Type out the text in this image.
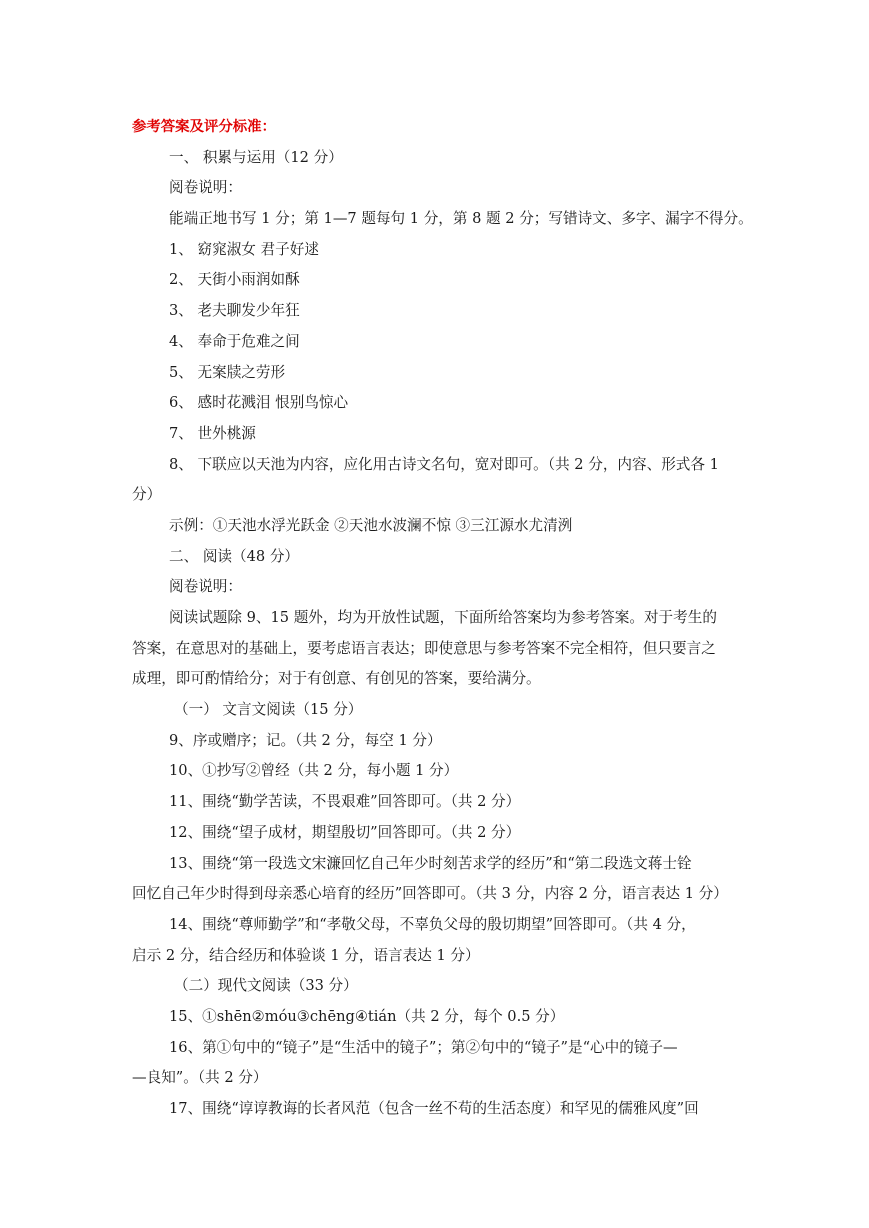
参考答案及评分标准：
一、 积累与运用（12 分）
阅卷说明：
能端正地书写 1 分；第 1—7 题每句 1 分，第 8 题 2 分；写错诗文、多字、漏字不得分。
1、 窈窕淑女 君子好逑
2、 天街小雨润如酥
3、 老夫聊发少年狂
4、 奉命于危难之间
5、 无案牍之劳形
6、 感时花溅泪 恨别鸟惊心
7、 世外桃源
8、 下联应以天池为内容，应化用古诗文名句，宽对即可。（共 2 分，内容、形式各 1
分）
示例：①天池水浮光跃金 ②天池水波澜不惊 ③三江源水尤清洌
二、 阅读（48 分）
阅卷说明：
阅读试题除 9、15 题外，均为开放性试题，下面所给答案均为参考答案。对于考生的
答案，在意思对的基础上，要考虑语言表达；即使意思与参考答案不完全相符，但只要言之
成理，即可酌情给分；对于有创意、有创见的答案，要给满分。
（一） 文言文阅读（15 分）
9、序或赠序；记。（共 2 分，每空 1 分）
10、①抄写②曾经（共 2 分，每小题 1 分）
11、围绕“勤学苦读，不畏艰难”回答即可。（共 2 分）
12、围绕“望子成材，期望殷切”回答即可。（共 2 分）
13、围绕“第一段选文宋濂回忆自己年少时刻苦求学的经历”和“第二段选文蒋士铨
回忆自己年少时得到母亲悉心培育的经历”回答即可。（共 3 分，内容 2 分，语言表达 1 分）
14、围绕“尊师勤学”和“孝敬父母，不辜负父母的殷切期望”回答即可。（共 4 分，
启示 2 分，结合经历和体验谈 1 分，语言表达 1 分）
（二）现代文阅读（33 分）
15、①shēn②móu③chēng④tián（共 2 分，每个 0.5 分）
16、第①句中的“镜子”是“生活中的镜子”；第②句中的“镜子”是“心中的镜子—
—良知”。（共 2 分）
17、围绕“谆谆教诲的长者风范（包含一丝不苟的生活态度）和罕见的儒雅风度”回
